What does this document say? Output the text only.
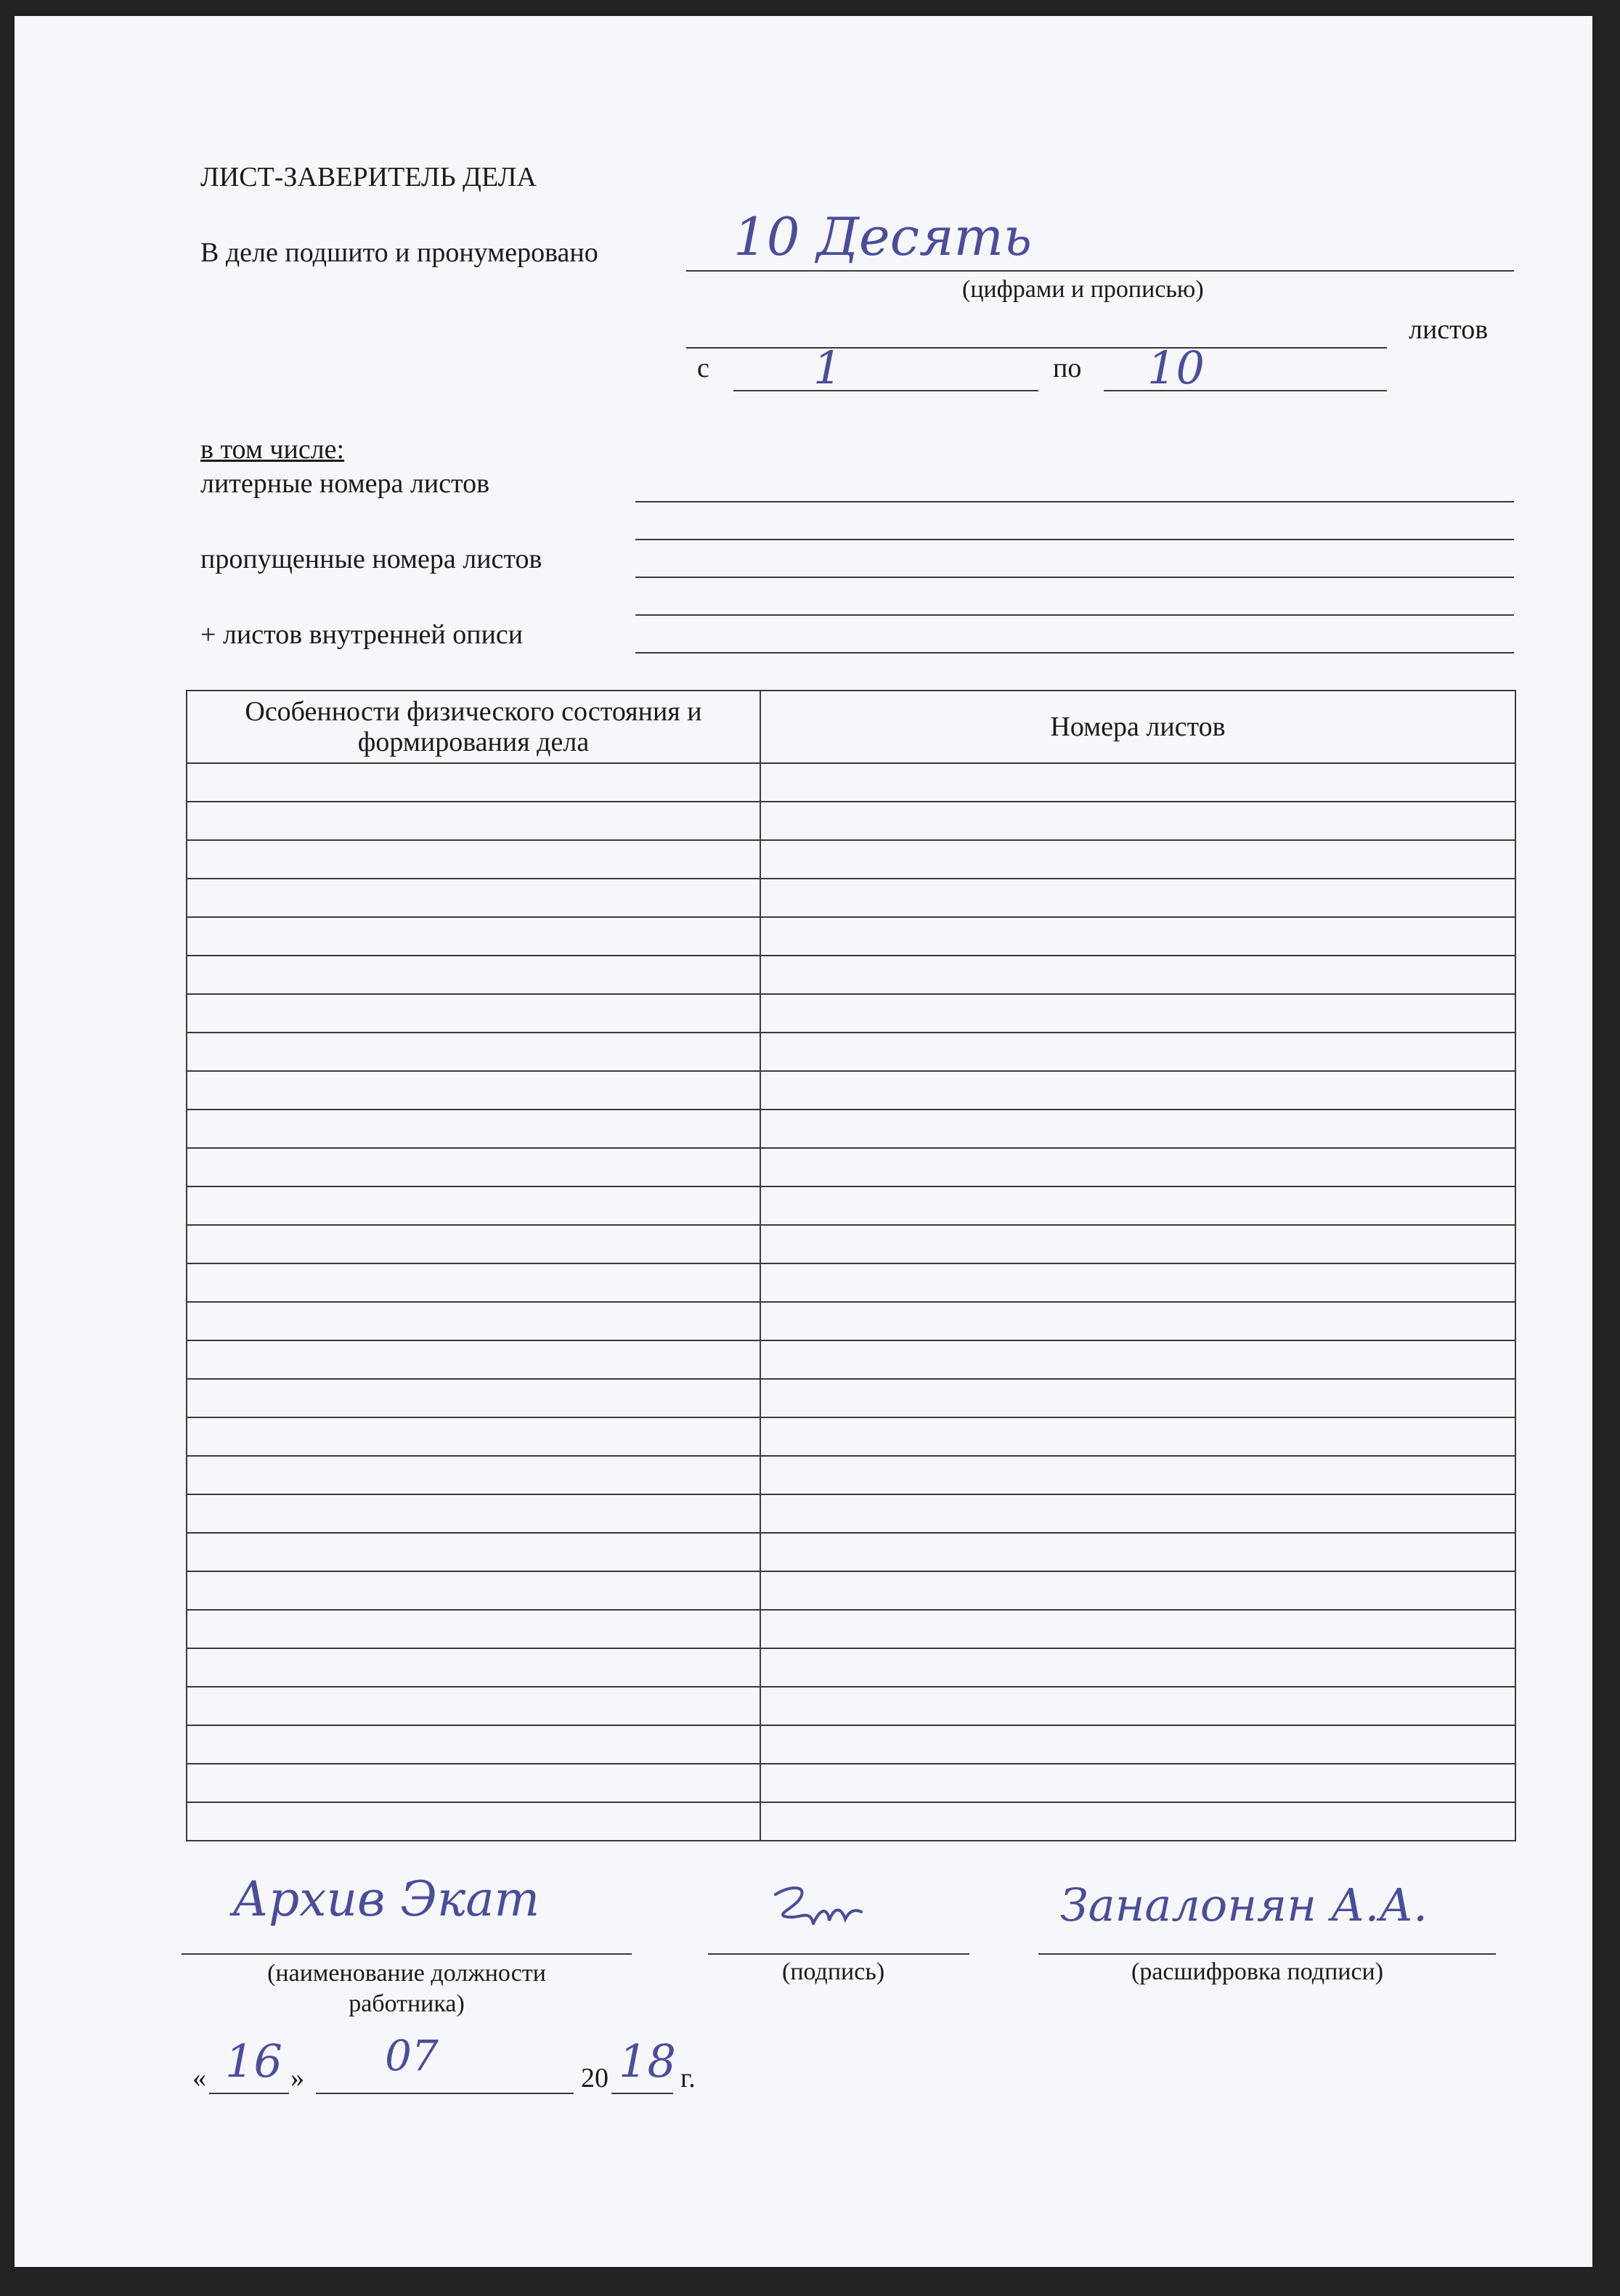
ЛИСТ-ЗАВЕРИТЕЛЬ ДЕЛА
В деле подшито и пронумеровано	10 Десять
(цифрами и прописью)
листов
с 1	по 10
в том числе:
литерные номера листов
пропущенные номера листов
+ листов внутренней описи
Особенности физического состояния и формирования дела	Номера листов

Архив Экат
(наименование должности работника)
(подпись)
Заналонян А.А.
(расшифровка подписи)
« 16 » 07	20 18 г.
